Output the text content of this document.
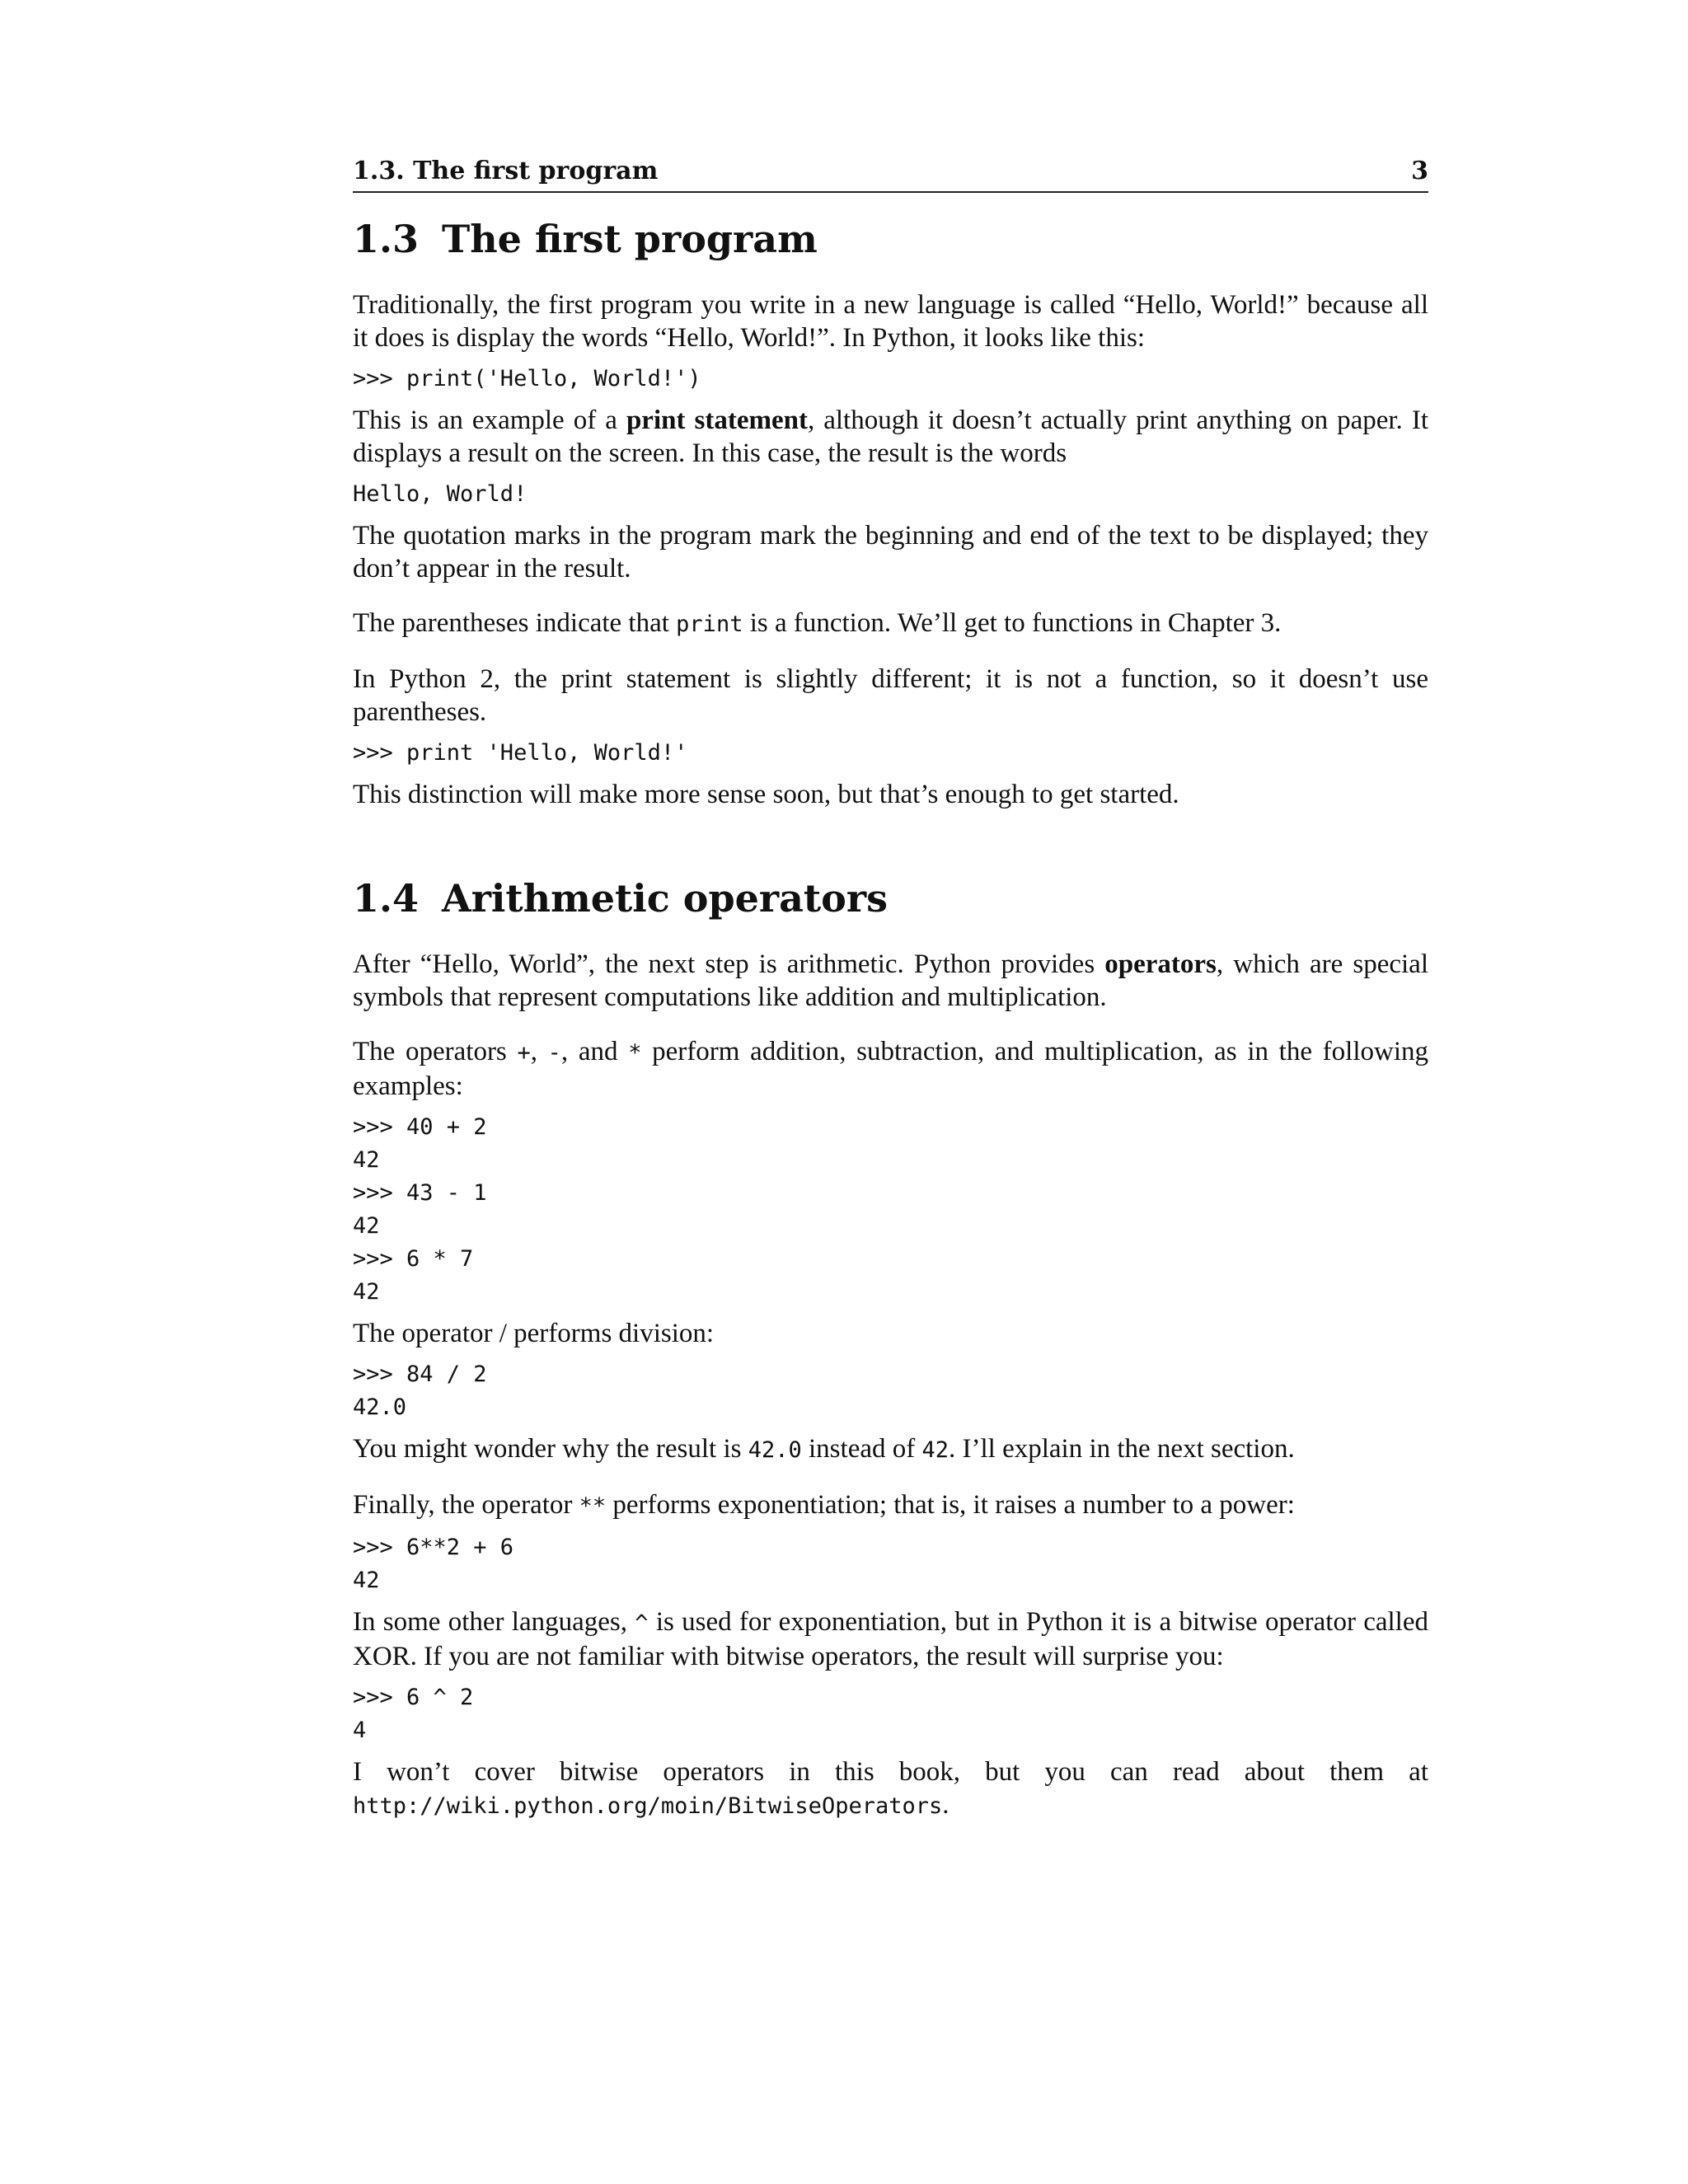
1.3. The first program	3
1.3 The first program

Traditionally, the first program you write in a new language is called “Hello, World!” because all it does is display the words “Hello, World!”. In Python, it looks like this:

>>> print('Hello, World!')

This is an example of a print statement, although it doesn’t actually print anything on paper. It displays a result on the screen. In this case, the result is the words

Hello, World!

The quotation marks in the program mark the beginning and end of the text to be displayed; they don’t appear in the result.

The parentheses indicate that print is a function. We’ll get to functions in Chapter 3.

In Python 2, the print statement is slightly different; it is not a function, so it doesn’t use parentheses.

>>> print 'Hello, World!'

This distinction will make more sense soon, but that’s enough to get started.

1.4 Arithmetic operators

After “Hello, World”, the next step is arithmetic. Python provides operators, which are special symbols that represent computations like addition and multiplication.

The operators +, -, and * perform addition, subtraction, and multiplication, as in the following examples:

>>> 40 + 2
42
>>> 43 - 1
42
>>> 6 * 7
42

The operator / performs division:

>>> 84 / 2
42.0

You might wonder why the result is 42.0 instead of 42. I’ll explain in the next section.

Finally, the operator ** performs exponentiation; that is, it raises a number to a power:

>>> 6**2 + 6
42

In some other languages, ^ is used for exponentiation, but in Python it is a bitwise operator called XOR. If you are not familiar with bitwise operators, the result will surprise you:

>>> 6 ^ 2
4

I won’t cover bitwise operators in this book, but you can read about them at http://wiki.python.org/moin/BitwiseOperators.
